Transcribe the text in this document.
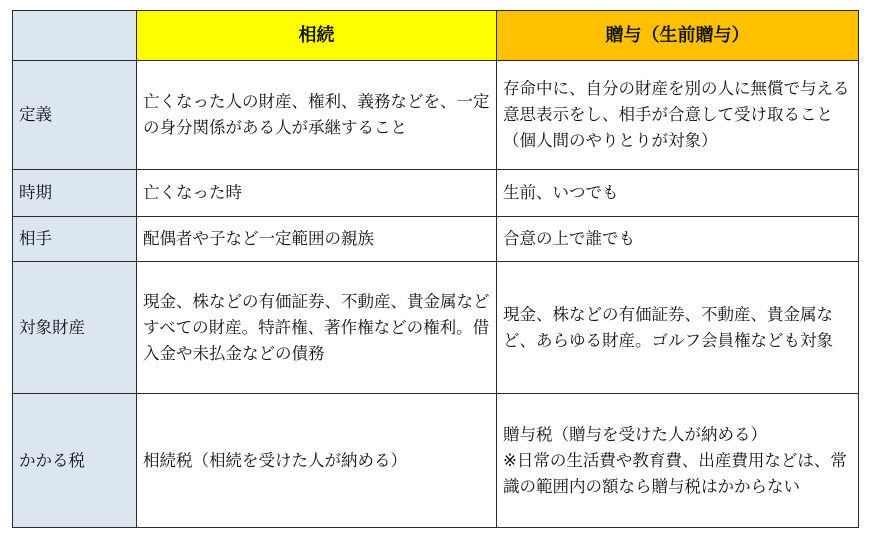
	相続	贈与（生前贈与）
定義	亡くなった人の財産、権利、義務などを、一定の身分関係がある人が承継すること	存命中に、自分の財産を別の人に無償で与える意思表示をし、相手が合意して受け取ること（個人間のやりとりが対象）
時期	亡くなった時	生前、いつでも
相手	配偶者や子など一定範囲の親族	合意の上で誰でも
対象財産	現金、株などの有価証券、不動産、貴金属などすべての財産。特許権、著作権などの権利。借入金や未払金などの債務	現金、株などの有価証券、不動産、貴金属など、あらゆる財産。ゴルフ会員権なども対象
かかる税	相続税（相続を受けた人が納める）	贈与税（贈与を受けた人が納める）
※日常の生活費や教育費、出産費用などは、常識の範囲内の額なら贈与税はかからない
